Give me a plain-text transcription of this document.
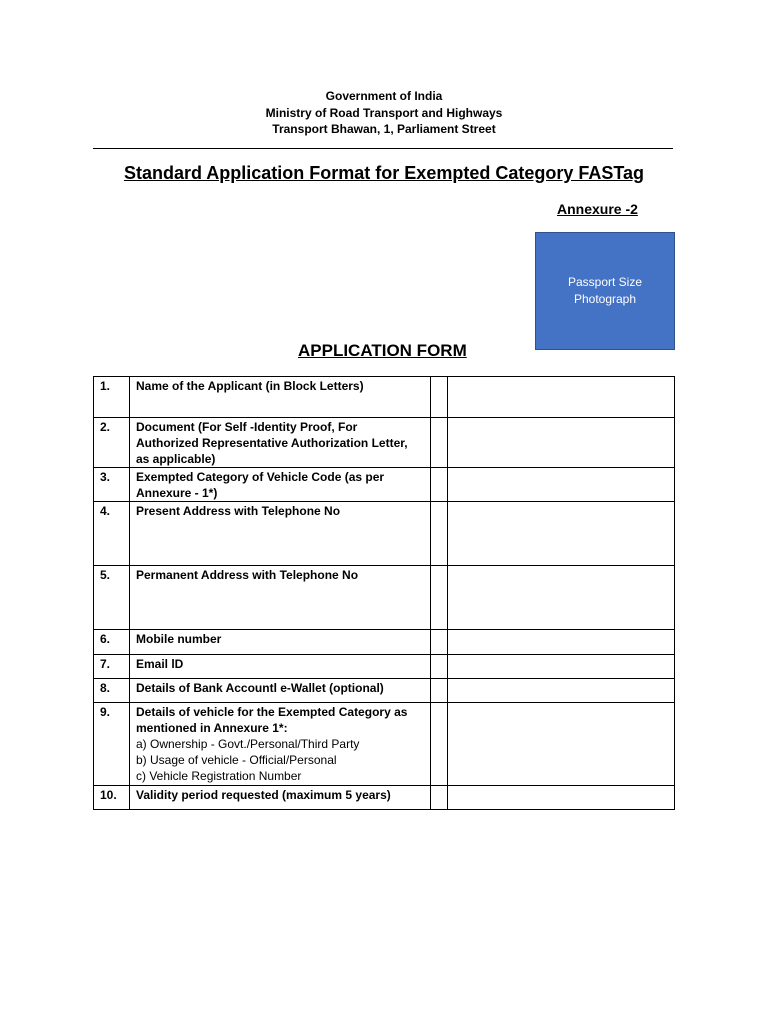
Government of India
Ministry of Road Transport and Highways
Transport Bhawan, 1, Parliament Street
Standard Application Format for Exempted Category FASTag
Annexure -2
Passport Size
Photograph
APPLICATION FORM
1.	Name of the Applicant (in Block Letters)		

2.	Document (For Self -Identity Proof, For
Authorized Representative Authorization Letter,
as applicable)		

3.	Exempted Category of Vehicle Code (as per
Annexure - 1*)		

4.	Present Address with Telephone No		

5.	Permanent Address with Telephone No		

6.	Mobile number		

7.	Email lD		

8.	Details of Bank Accountl e-Wallet (optional)		

9.	Details of vehicle for the Exempted Category as
mentioned in Annexure 1*:
a) Ownership - Govt./Personal/Third Party
b) Usage of vehicle - Official/Personal
c) Vehicle Registration Number		

10.	Validity period requested (maximum 5 years)		
